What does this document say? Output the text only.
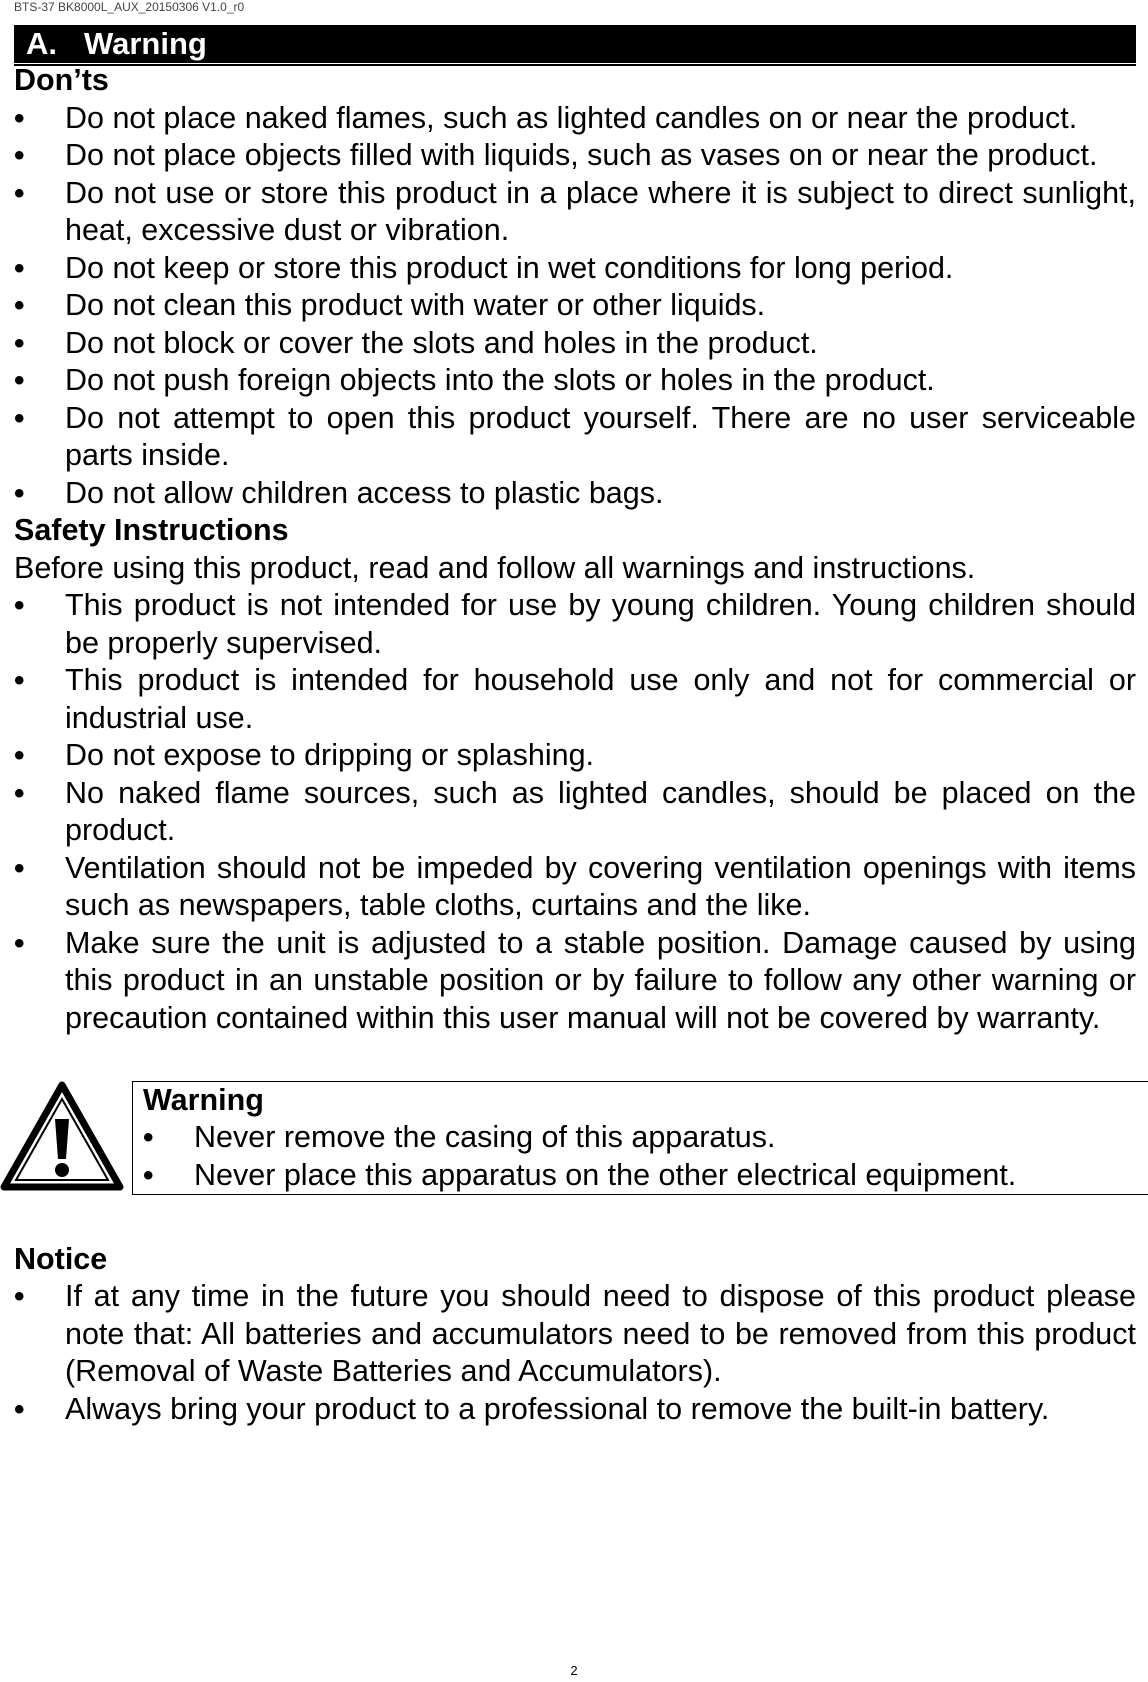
BTS-37 BK8000L_AUX_20150306 V1.0_r0
A. Warning
Don’ts
• Do not place naked flames, such as lighted candles on or near the product.
• Do not place objects filled with liquids, such as vases on or near the product.
• Do not use or store this product in a place where it is subject to direct sunlight, heat, excessive dust or vibration.
• Do not keep or store this product in wet conditions for long period.
• Do not clean this product with water or other liquids.
• Do not block or cover the slots and holes in the product.
• Do not push foreign objects into the slots or holes in the product.
• Do not attempt to open this product yourself. There are no user serviceable parts inside.
• Do not allow children access to plastic bags.
Safety Instructions
Before using this product, read and follow all warnings and instructions.
• This product is not intended for use by young children. Young children should be properly supervised.
• This product is intended for household use only and not for commercial or industrial use.
• Do not expose to dripping or splashing.
• No naked flame sources, such as lighted candles, should be placed on the product.
• Ventilation should not be impeded by covering ventilation openings with items such as newspapers, table cloths, curtains and the like.
• Make sure the unit is adjusted to a stable position. Damage caused by using this product in an unstable position or by failure to follow any other warning or precaution contained within this user manual will not be covered by warranty.
Warning
• Never remove the casing of this apparatus.
• Never place this apparatus on the other electrical equipment.
Notice
• If at any time in the future you should need to dispose of this product please note that: All batteries and accumulators need to be removed from this product (Removal of Waste Batteries and Accumulators).
• Always bring your product to a professional to remove the built-in battery.
2
